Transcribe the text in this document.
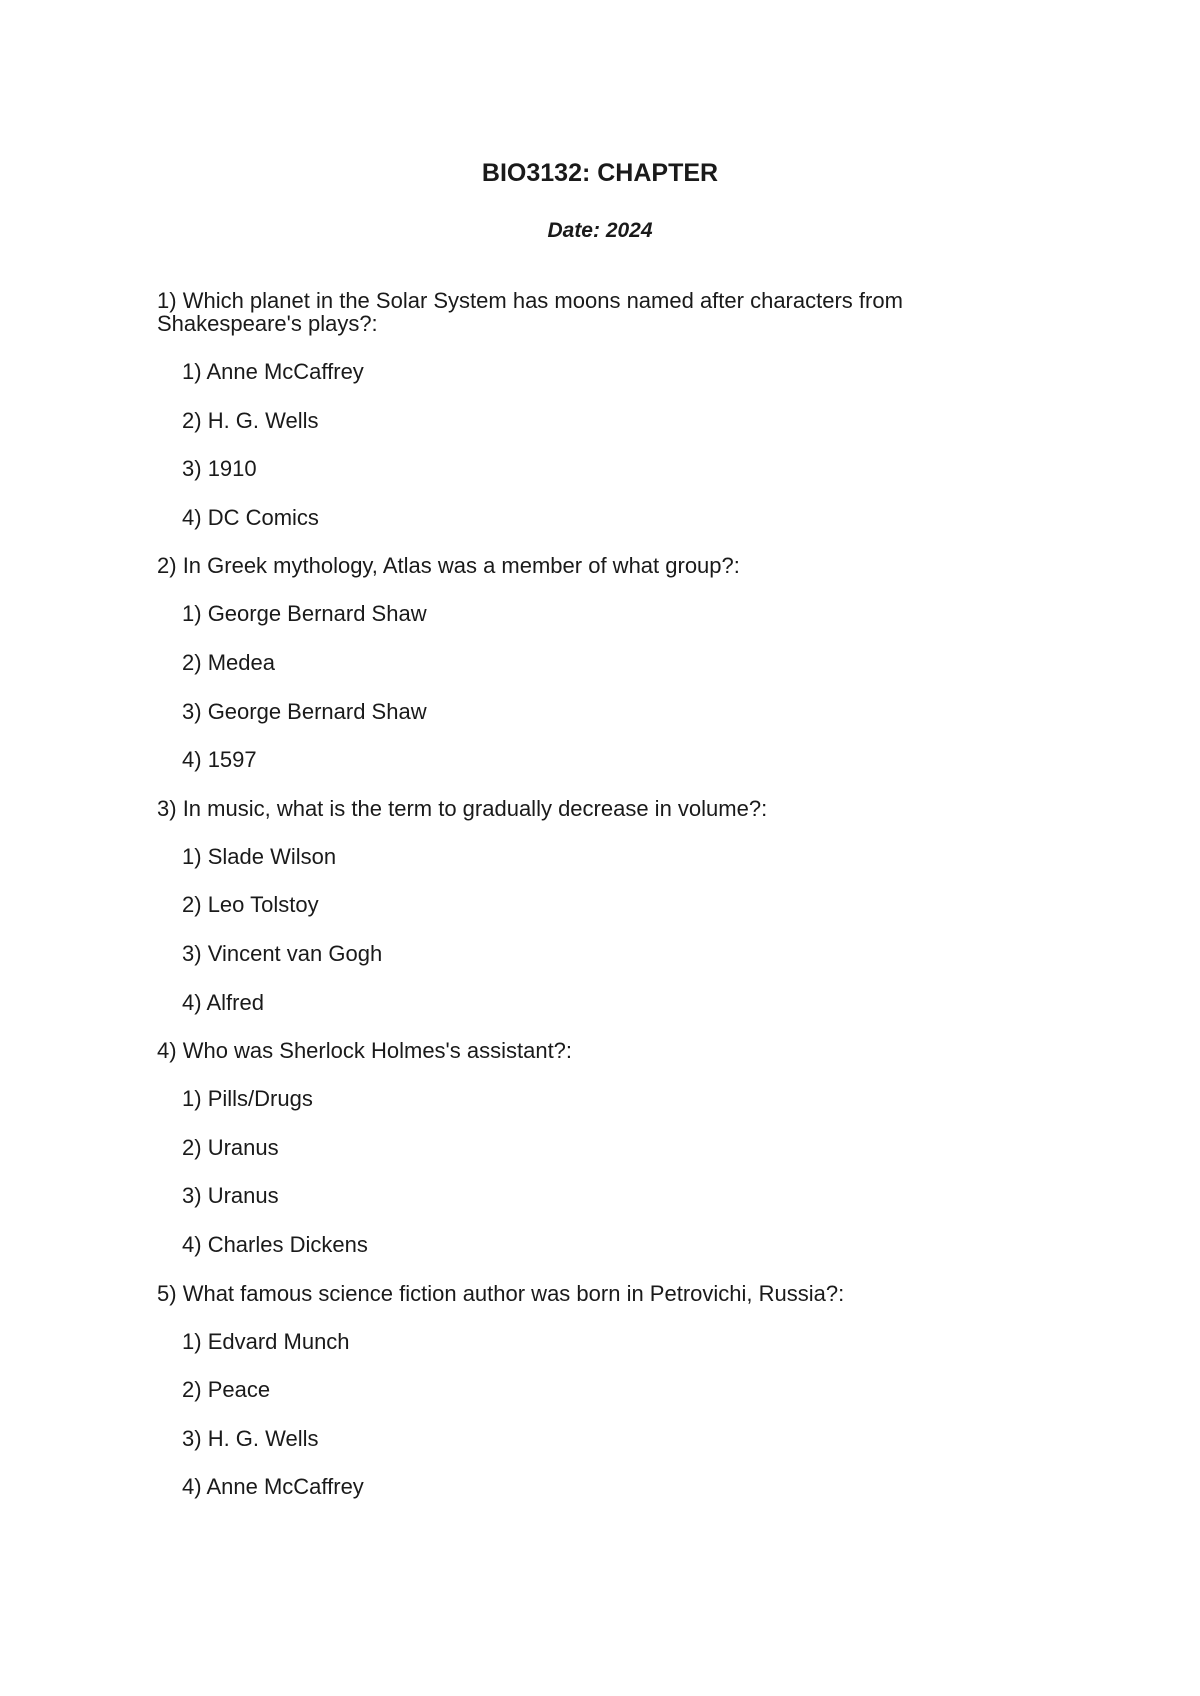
BIO3132: CHAPTER
Date: 2024
1) Which planet in the Solar System has moons named after characters from Shakespeare's plays?:
1) Anne McCaffrey
2) H. G. Wells
3) 1910
4) DC Comics
2) In Greek mythology, Atlas was a member of what group?:
1) George Bernard Shaw
2) Medea
3) George Bernard Shaw
4) 1597
3) In music, what is the term to gradually decrease in volume?:
1) Slade Wilson
2) Leo Tolstoy
3) Vincent van Gogh
4) Alfred
4) Who was Sherlock Holmes's assistant?:
1) Pills/Drugs
2) Uranus
3) Uranus
4) Charles Dickens
5) What famous science fiction author was born in Petrovichi, Russia?:
1) Edvard Munch
2) Peace
3) H. G. Wells
4) Anne McCaffrey
